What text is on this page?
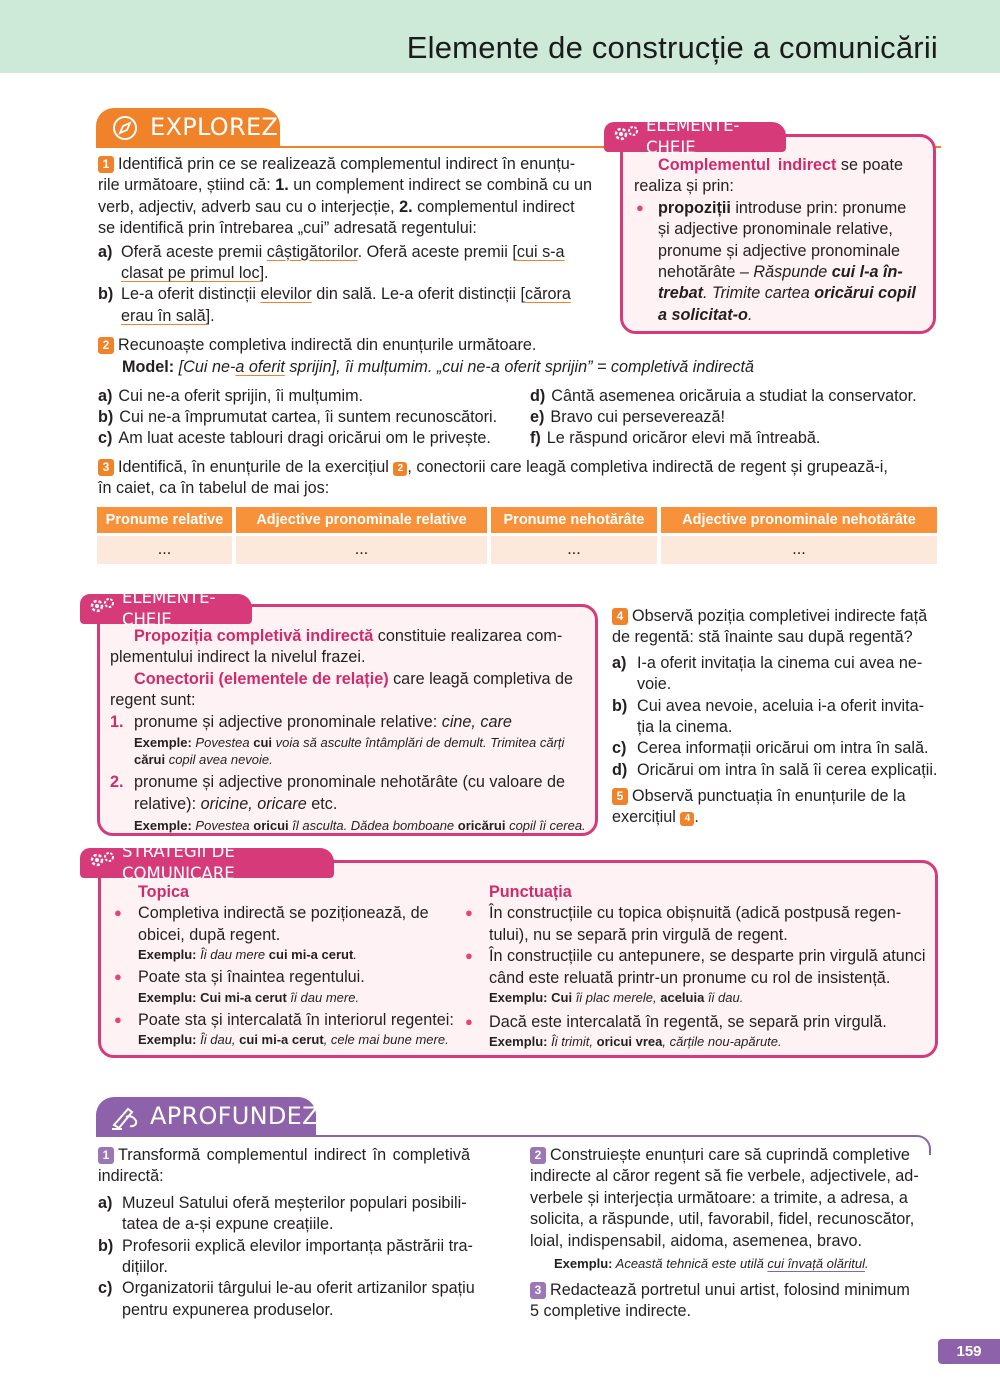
Elemente de construcție a comunicării
EXPLOREZ
1 Identifică prin ce se realizează complementul indirect în enunțu-
rile următoare, știind că: 1. un complement indirect se combină cu un
verb, adjectiv, adverb sau cu o interjecție, 2. complementul indirect
se identifică prin întrebarea „cui” adresată regentului:
a) Oferă aceste premii câștigătorilor. Oferă aceste premii [cui s-a
clasat pe primul loc].
b) Le-a oferit distincții elevilor din sală. Le-a oferit distincții [cărora
erau în sală].
ELEMENTE-CHEIE
Complementul indirect se poate
realiza și prin:
● propoziții introduse prin: pronume
și adjective pronominale relative,
pronume și adjective pronominale
nehotărâte – Răspunde cui l-a în-
trebat. Trimite cartea oricărui copil
a solicitat-o.
2 Recunoaște completiva indirectă din enunțurile următoare.
Model: [Cui ne-a oferit sprijin], îi mulțumim. „cui ne-a oferit sprijin” = completivă indirectă
a) Cui ne-a oferit sprijin, îi mulțumim.
b) Cui ne-a împrumutat cartea, îi suntem recunoscători.
c) Am luat aceste tablouri dragi oricărui om le privește.
d) Cântă asemenea oricăruia a studiat la conservator.
e) Bravo cui perseverează!
f) Le răspund oricăror elevi mă întreabă.
3 Identifică, în enunțurile de la exercițiul 2 , conectorii care leagă completiva indirectă de regent și grupează-i,
în caiet, ca în tabelul de mai jos:
Pronume relative	Adjective pronominale relative	Pronume nehotărâte	Adjective pronominale nehotărâte
...	...	...	...
ELEMENTE-CHEIE
Propoziția completivă indirectă constituie realizarea com-
plementului indirect la nivelul frazei.
Conectorii (elementele de relație) care leagă completiva de
regent sunt:
1. pronume și adjective pronominale relative: cine, care
Exemple: Povestea cui voia să asculte întâmplări de demult. Trimitea cărți
cărui copil avea nevoie.
2. pronume și adjective pronominale nehotărâte (cu valoare de
relative): oricine, oricare etc.
Exemple: Povestea oricui îl asculta. Dădea bomboane oricărui copil îi cerea.
4 Observă poziția completivei indirecte față
de regentă: stă înainte sau după regentă?
a) I-a oferit invitația la cinema cui avea ne-
voie.
b) Cui avea nevoie, aceluia i-a oferit invita-
ția la cinema.
c) Cerea informații oricărui om intra în sală.
d) Oricărui om intra în sală îi cerea explicații.
5 Observă punctuația în enunțurile de la
exercițiul 4 .
STRATEGII DE COMUNICARE
Topica
● Completiva indirectă se poziționează, de
obicei, după regent.
Exemplu: Îi dau mere cui mi-a cerut.
● Poate sta și înaintea regentului.
Exemplu: Cui mi-a cerut îi dau mere.
● Poate sta și intercalată în interiorul regentei:
Exemplu: Îi dau, cui mi-a cerut, cele mai bune mere.
Punctuația
● În construcțiile cu topica obișnuită (adică postpusă regen-
tului), nu se separă prin virgulă de regent.
● În construcțiile cu antepunere, se desparte prin virgulă atunci
când este reluată printr-un pronume cu rol de insistență.
Exemplu: Cui îi plac merele, aceluia îi dau.
● Dacă este intercalată în regentă, se separă prin virgulă.
Exemplu: Îi trimit, oricui vrea, cărțile nou-apărute.
APROFUNDEZ
1 Transformă complementul indirect în completivă
indirectă:
a) Muzeul Satului oferă meșterilor populari posibili-
tatea de a-și expune creațiile.
b) Profesorii explică elevilor importanța păstrării tra-
dițiilor.
c) Organizatorii târgului le-au oferit artizanilor spațiu
pentru expunerea produselor.
2 Construiește enunțuri care să cuprindă completive
indirecte al căror regent să fie verbele, adjectivele, ad-
verbele și interjecția următoare: a trimite, a adresa, a
solicita, a răspunde, util, favorabil, fidel, recunoscător,
loial, indispensabil, aidoma, asemenea, bravo.
Exemplu: Această tehnică este utilă cui învață olăritul.
3 Redactează portretul unui artist, folosind minimum
5 completive indirecte.
159
